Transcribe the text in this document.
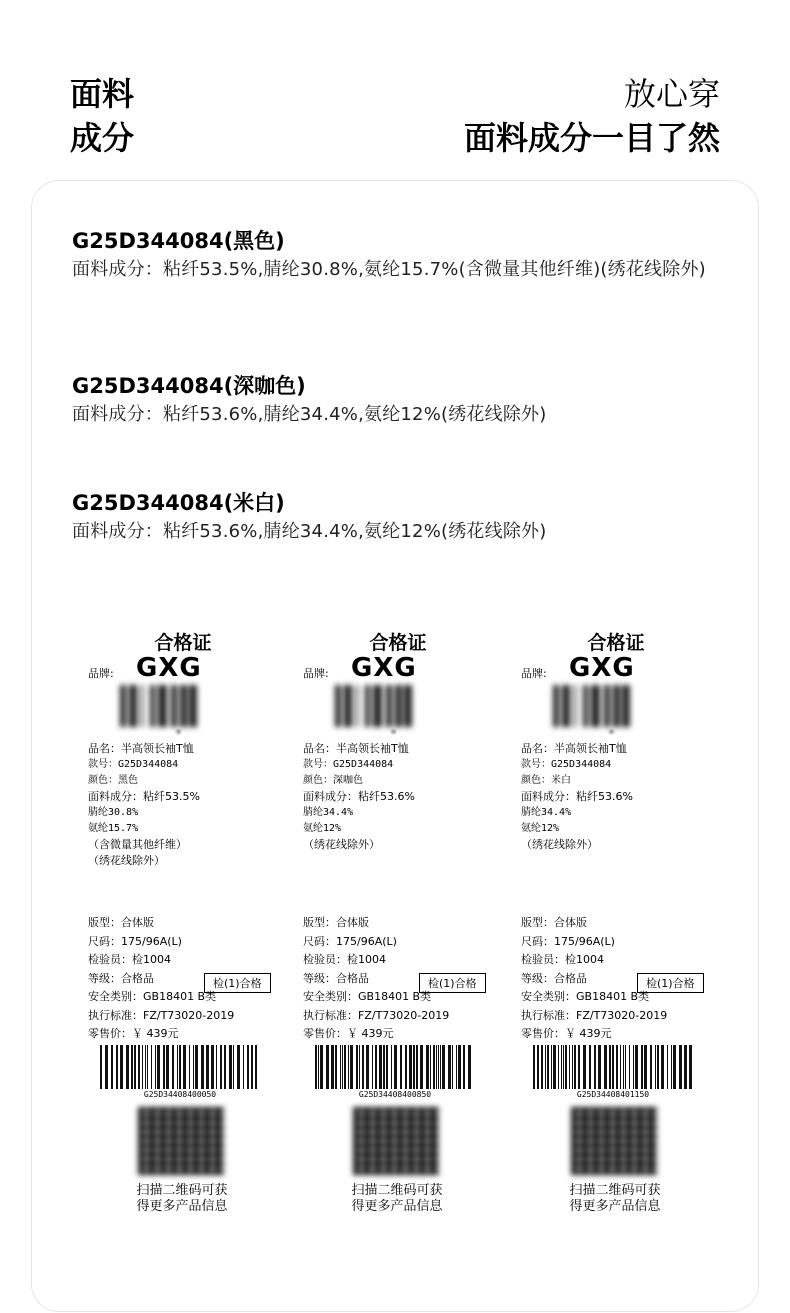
面料
成分
放心穿
面料成分一目了然
G25D344084(黑色)
面料成分：粘纤53.5%,腈纶30.8%,氨纶15.7%(含微量其他纤维)(绣花线除外)
G25D344084(深咖色)
面料成分：粘纤53.6%,腈纶34.4%,氨纶12%(绣花线除外)
G25D344084(米白)
面料成分：粘纤53.6%,腈纶34.4%,氨纶12%(绣花线除外)
合格证
品牌: GXG
品名：半高领长袖T恤
款号：G25D344084
颜色：黑色
面料成分：粘纤53.5%
腈纶30.8%
氨纶15.7%
（含微量其他纤维）
（绣花线除外）
版型：合体版
尺码：175/96A(L)
检验员：检1004
等级：合格品
安全类别：GB18401 B类
执行标准：FZ/T73020-2019
零售价：￥ 439元
检(1)合格
G25D34408400050
扫描二维码可获
得更多产品信息
合格证
品牌: GXG
品名：半高领长袖T恤
款号：G25D344084
颜色：深咖色
面料成分：粘纤53.6%
腈纶34.4%
氨纶12%
（绣花线除外）
版型：合体版
尺码：175/96A(L)
检验员：检1004
等级：合格品
安全类别：GB18401 B类
执行标准：FZ/T73020-2019
零售价：￥ 439元
检(1)合格
G25D34408400850
扫描二维码可获
得更多产品信息
合格证
品牌: GXG
品名：半高领长袖T恤
款号：G25D344084
颜色：米白
面料成分：粘纤53.6%
腈纶34.4%
氨纶12%
（绣花线除外）
版型：合体版
尺码：175/96A(L)
检验员：检1004
等级：合格品
安全类别：GB18401 B类
执行标准：FZ/T73020-2019
零售价：￥ 439元
检(1)合格
G25D34408401150
扫描二维码可获
得更多产品信息
